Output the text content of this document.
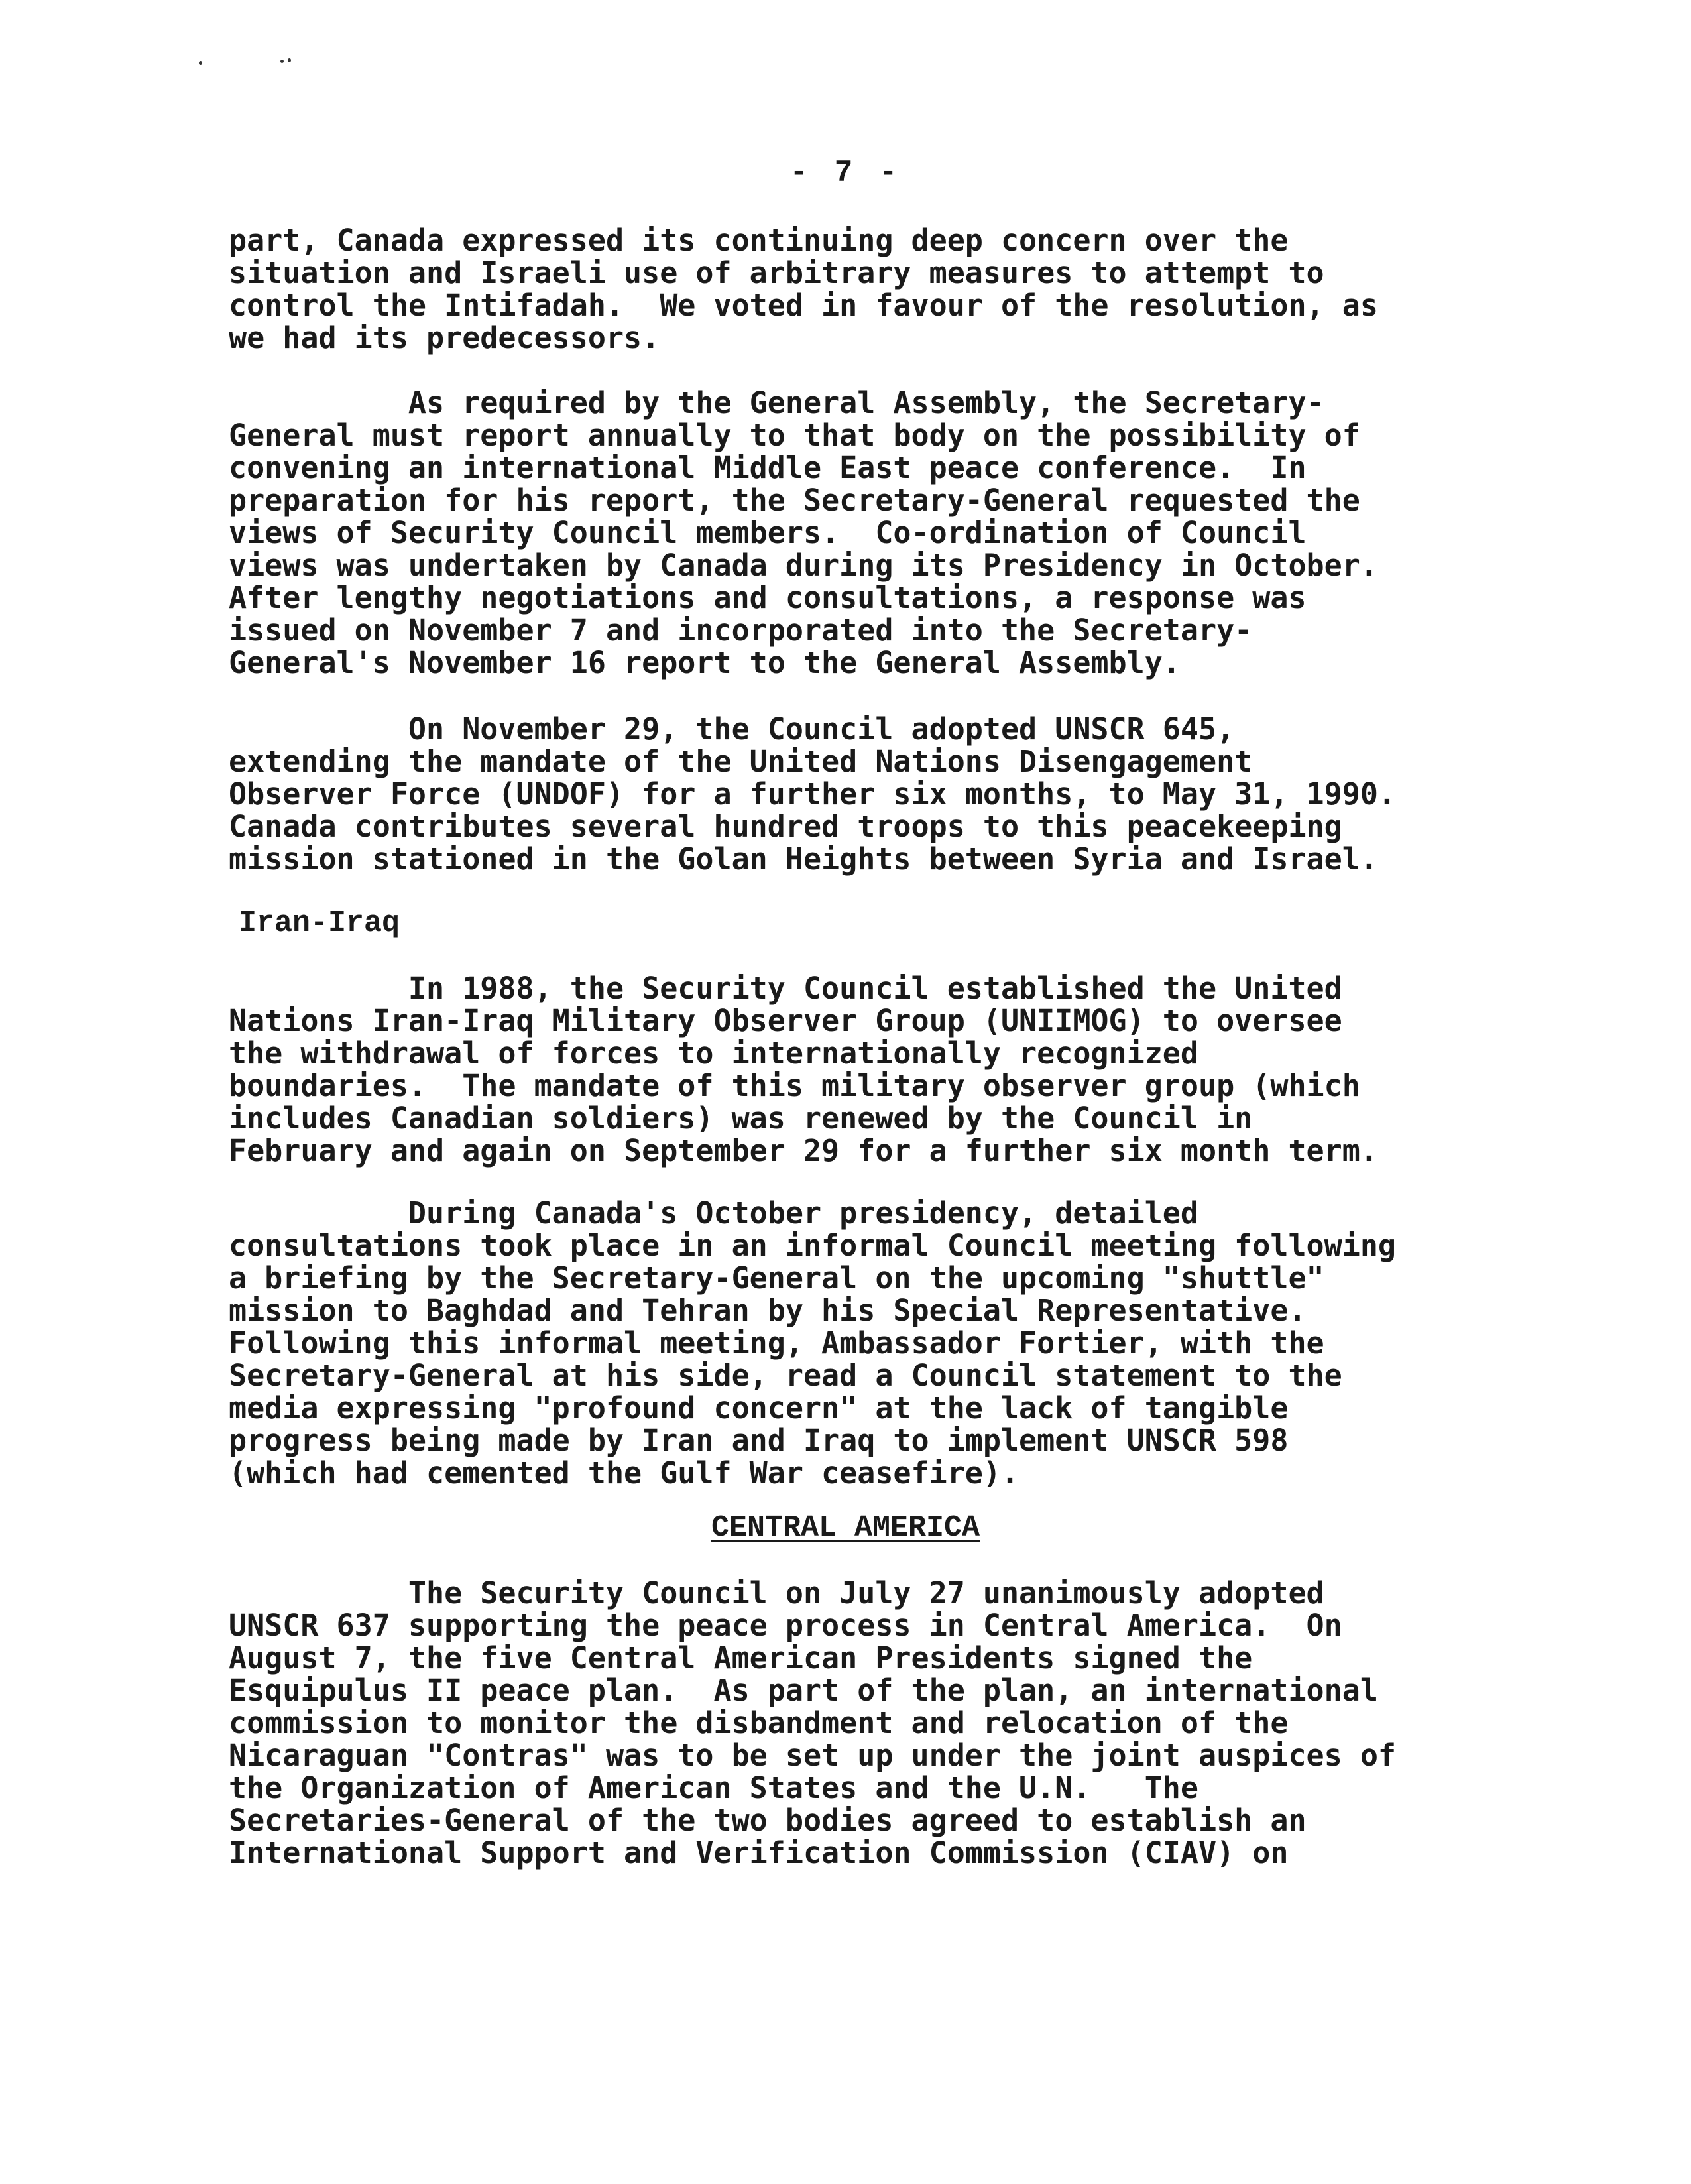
- 7 -
part, Canada expressed its continuing deep concern over the
situation and Israeli use of arbitrary measures to attempt to
control the Intifadah.  We voted in favour of the resolution, as
we had its predecessors.
As required by the General Assembly, the Secretary-
General must report annually to that body on the possibility of
convening an international Middle East peace conference.  In
preparation for his report, the Secretary-General requested the
views of Security Council members.  Co-ordination of Council
views was undertaken by Canada during its Presidency in October.
After lengthy negotiations and consultations, a response was
issued on November 7 and incorporated into the Secretary-
General's November 16 report to the General Assembly.
On November 29, the Council adopted UNSCR 645,
extending the mandate of the United Nations Disengagement
Observer Force (UNDOF) for a further six months, to May 31, 1990.
Canada contributes several hundred troops to this peacekeeping
mission stationed in the Golan Heights between Syria and Israel.
Iran-Iraq
In 1988, the Security Council established the United
Nations Iran-Iraq Military Observer Group (UNIIMOG) to oversee
the withdrawal of forces to internationally recognized
boundaries.  The mandate of this military observer group (which
includes Canadian soldiers) was renewed by the Council in
February and again on September 29 for a further six month term.
During Canada's October presidency, detailed
consultations took place in an informal Council meeting following
a briefing by the Secretary-General on the upcoming "shuttle"
mission to Baghdad and Tehran by his Special Representative.
Following this informal meeting, Ambassador Fortier, with the
Secretary-General at his side, read a Council statement to the
media expressing "profound concern" at the lack of tangible
progress being made by Iran and Iraq to implement UNSCR 598
(which had cemented the Gulf War ceasefire).
CENTRAL AMERICA
The Security Council on July 27 unanimously adopted
UNSCR 637 supporting the peace process in Central America.  On
August 7, the five Central American Presidents signed the
Esquipulus II peace plan.  As part of the plan, an international
commission to monitor the disbandment and relocation of the
Nicaraguan "Contras" was to be set up under the joint auspices of
the Organization of American States and the U.N.   The
Secretaries-General of the two bodies agreed to establish an
International Support and Verification Commission (CIAV) on
